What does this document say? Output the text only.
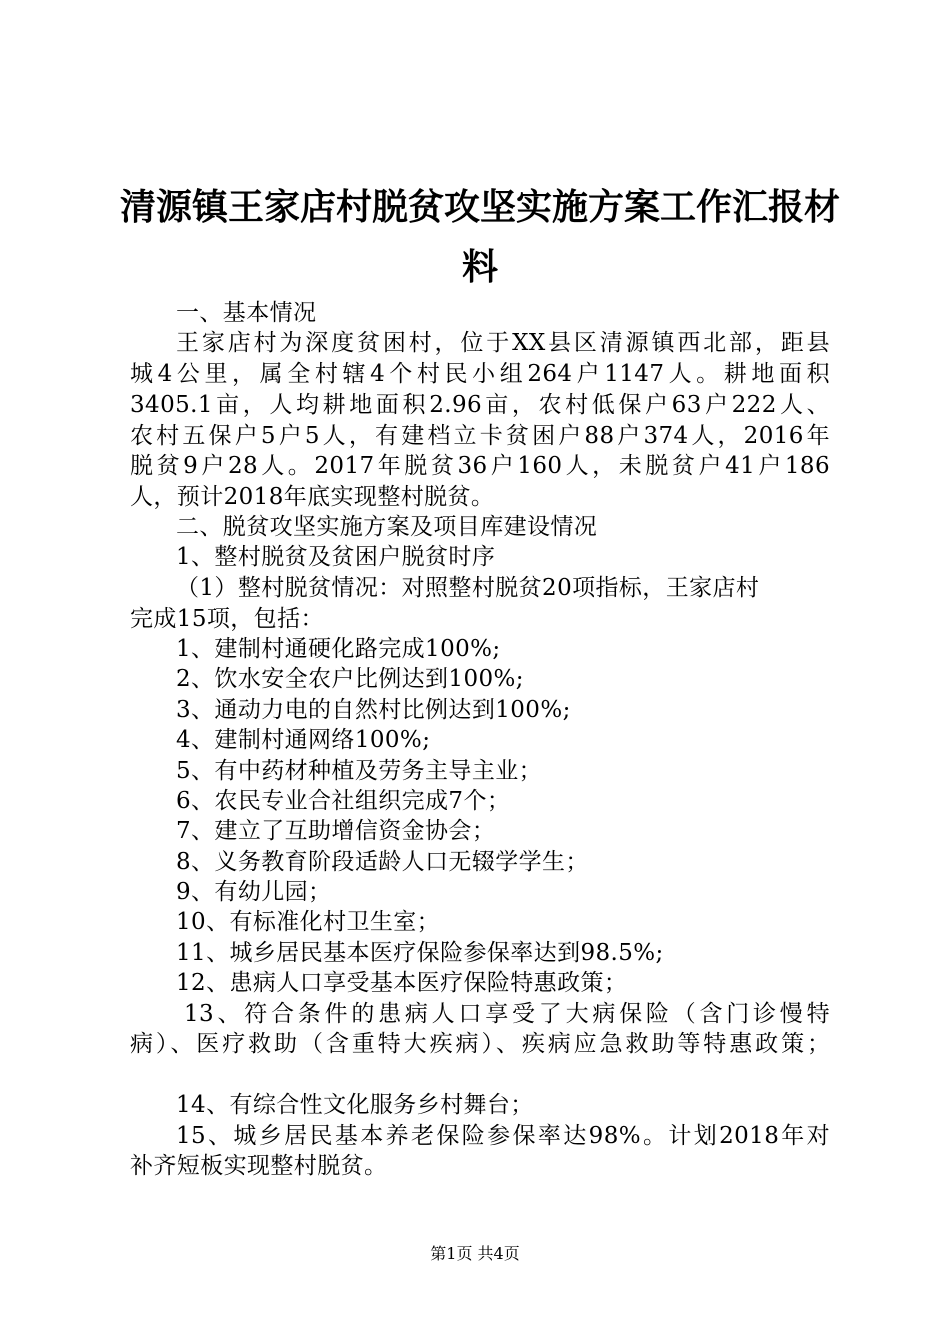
清源镇王家店村脱贫攻坚实施方案工作汇报材
料

一、基本情况

王家店村为深度贫困村，位于XX县区清源镇西北部，距县

城4公里，属全村辖4个村民小组264户1147人。耕地面积

3405.1亩，人均耕地面积2.96亩，农村低保户63户222人、

农村五保户5户5人，有建档立卡贫困户88户374人，2016年

脱贫9户28人。2017年脱贫36户160人，未脱贫户41户186

人，预计2018年底实现整村脱贫。

二、脱贫攻坚实施方案及项目库建设情况

1、整村脱贫及贫困户脱贫时序

（1）整村脱贫情况：对照整村脱贫20项指标，王家店村

完成15项，包括：

1、建制村通硬化路完成100%;

2、饮水安全农户比例达到100%;

3、通动力电的自然村比例达到100%;

4、建制村通网络100%;

5、有中药材种植及劳务主导主业；

6、农民专业合社组织完成7个；

7、建立了互助增信资金协会；

8、义务教育阶段适龄人口无辍学学生；

9、有幼儿园；

10、有标准化村卫生室；

11、城乡居民基本医疗保险参保率达到98.5%;

12、患病人口享受基本医疗保险特惠政策；

13、符合条件的患病人口享受了大病保险（含门诊慢特

病）、医疗救助（含重特大疾病）、疾病应急救助等特惠政策；

14、有综合性文化服务乡村舞台；

15、城乡居民基本养老保险参保率达98%。计划2018年对

补齐短板实现整村脱贫。

第1页 共4页
